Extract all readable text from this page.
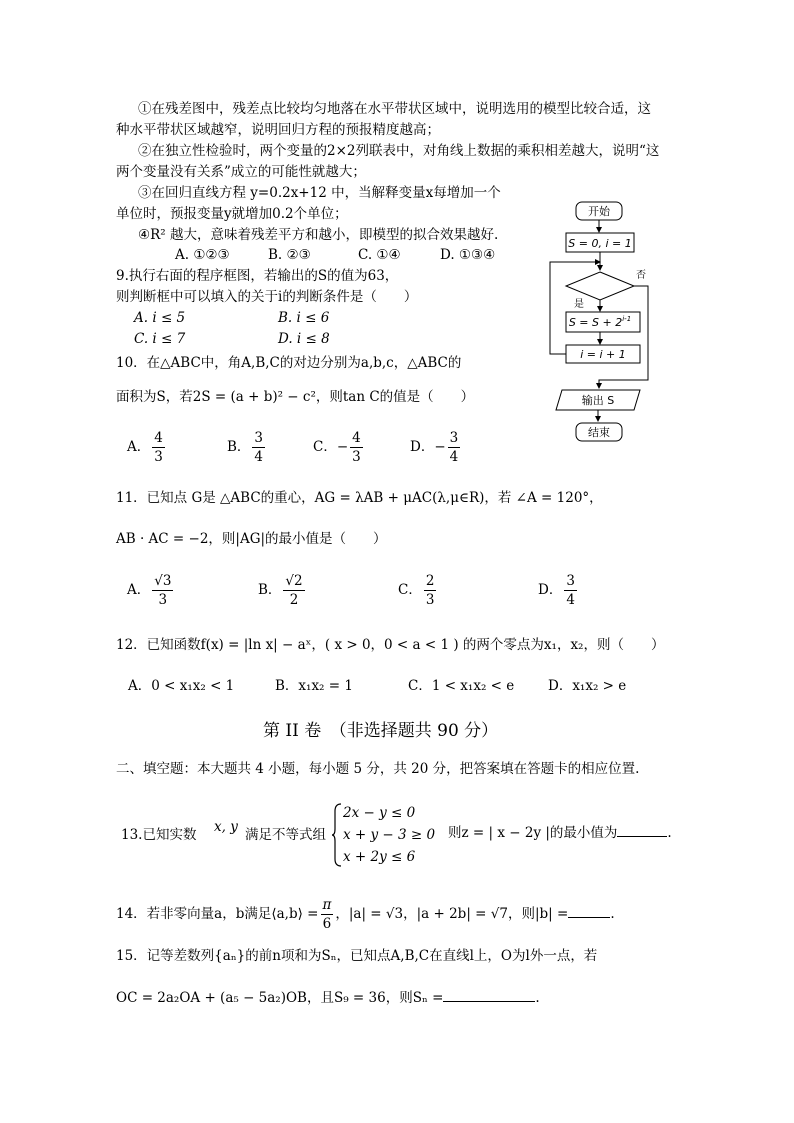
①在残差图中，残差点比较均匀地落在水平带状区域中，说明选用的模型比较合适，这
种水平带状区域越窄，说明回归方程的预报精度越高；
②在独立性检验时，两个变量的2×2列联表中，对角线上数据的乘积相差越大，说明“这
两个变量没有关系”成立的可能性就越大；
③在回归直线方程 y=0.2x+12 中，当解释变量x每增加一个
单位时，预报变量y就增加0.2个单位；
④R² 越大，意味着残差平方和越小，即模型的拟合效果越好.
A. ①②③	B. ②③	C. ①④	D. ①③④
9.执行右面的程序框图，若输出的S的值为63，
则判断框中可以填入的关于i的判断条件是（　　）
A. i ≤ 5	B. i ≤ 6
C. i ≤ 7	D. i ≤ 8
开始
S = 0, i = 1
否
是
$S = S + 2^{i-1}$
i = i + 1
输出 S
结束
10．在△ABC中，角A,B,C的对边分别为a,b,c，△ABC的
面积为S，若2S = (a + b)² − c²，则tan C的值是（　　）
A． $\frac{4}{3}$	B． $\frac{3}{4}$	C．− $\frac{4}{3}$	D．− $\frac{3}{4}$
11．已知点 G是 △ABC的重心，AG = λAB + μAC(λ,μ∈R)，若 ∠A = 120°，
AB · AC = −2，则|AG|的最小值是（　　）
A． $\frac{√3}{3}$	B． $\frac{√2}{2}$	C． $\frac{2}{3}$	D． $\frac{3}{4}$
12．已知函数f(x) = |ln x| − aˣ，( x > 0，0 < a < 1 ) 的两个零点为x₁，x₂，则（　　）
A．0 < x₁x₂ < 1	B．x₁x₂ = 1	C．1 < x₁x₂ < e	D．x₁x₂ > e
第 II 卷　（非选择题共 90 分）
二、填空题：本大题共 4 小题，每小题 5 分，共 20 分，把答案填在答题卡的相应位置.
13.已知实数 x, y 满足不等式组
2x − y ≤ 0
x + y − 3 ≥ 0
x + 2y ≤ 6
则z = | x − 2y |的最小值为	.
14．若非零向量a，b满足⟨a,b⟩ = $\frac{\pi}{6}$ ，|a| = √3，|a + 2b| = √7，则|b| =	.
15．记等差数列{aₙ}的前n项和为Sₙ，已知点A,B,C在直线l上，O为l外一点，若
OC = 2a₂OA + (a₅ − 5a₂)OB，且S₉ = 36，则Sₙ =	.
